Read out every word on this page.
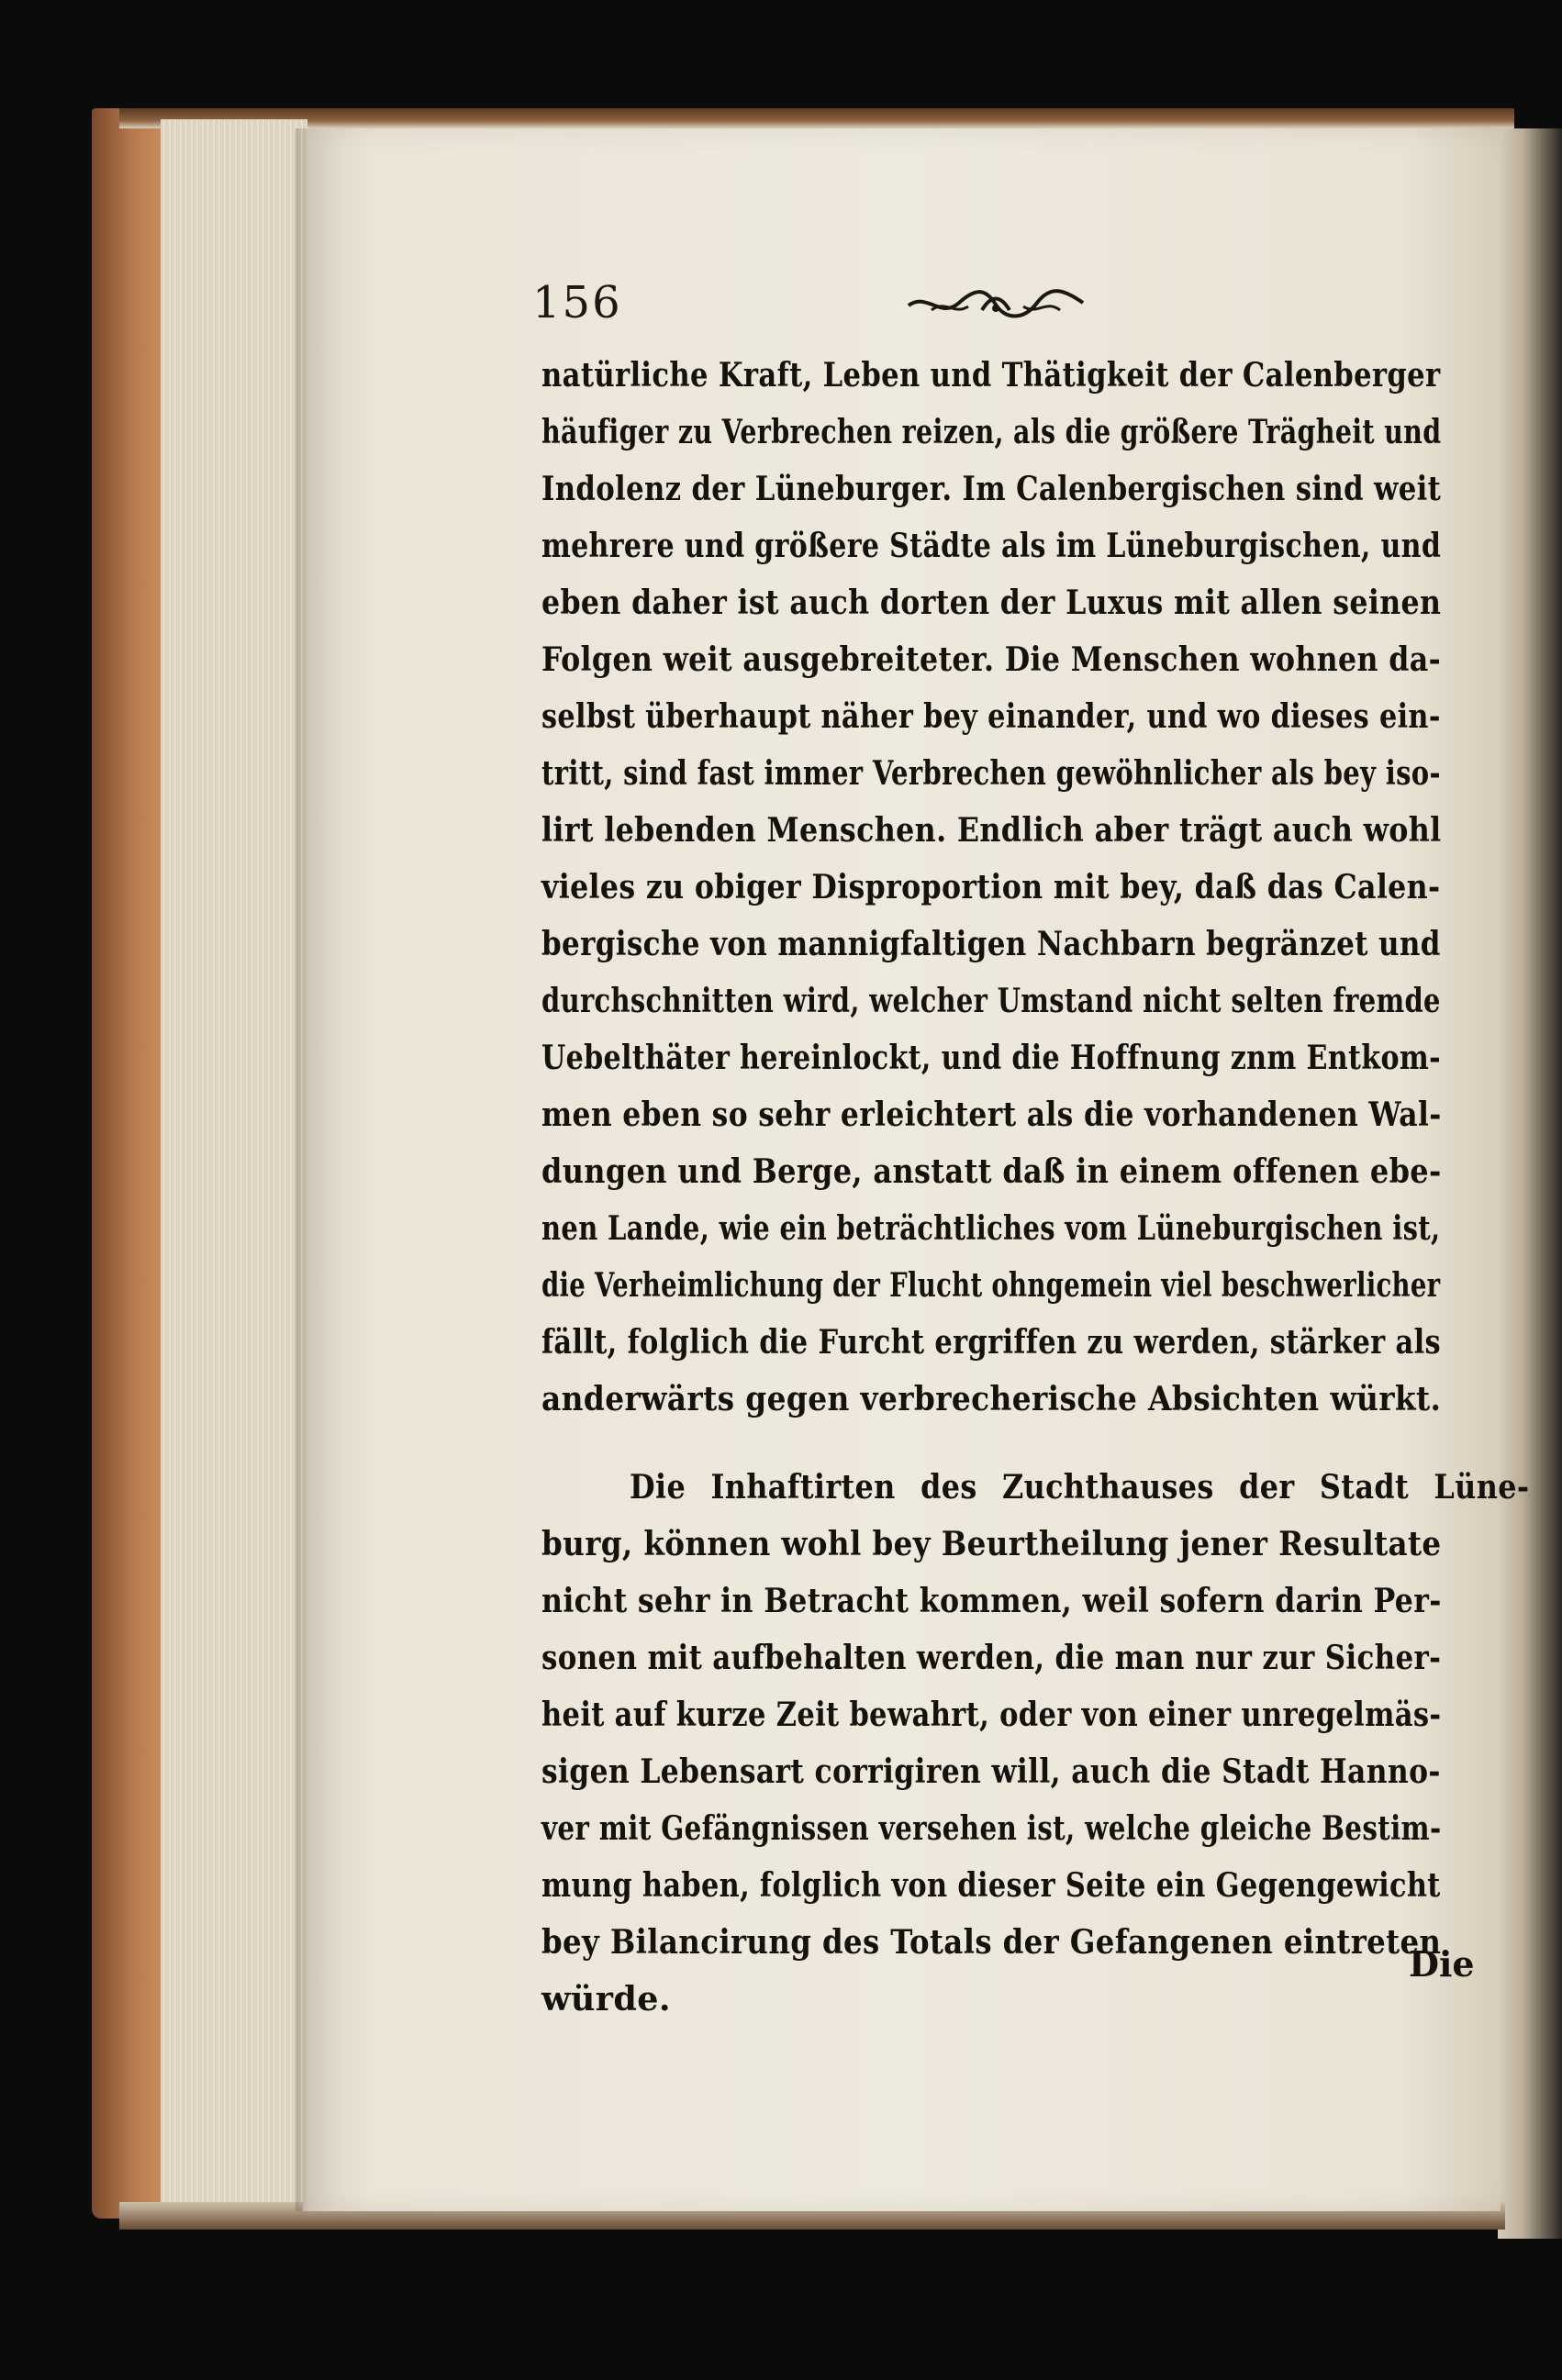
156
natürliche Kraft, Leben und Thätigkeit der Calenberger
häufiger zu Verbrechen reizen, als die größere Trägheit und
Indolenz der Lüneburger. Im Calenbergischen sind weit
mehrere und größere Städte als im Lüneburgischen, und
eben daher ist auch dorten der Luxus mit allen seinen
Folgen weit ausgebreiteter. Die Menschen wohnen da-
selbst überhaupt näher bey einander, und wo dieses ein-
tritt, sind fast immer Verbrechen gewöhnlicher als bey iso-
lirt lebenden Menschen. Endlich aber trägt auch wohl
vieles zu obiger Disproportion mit bey, daß das Calen-
bergische von mannigfaltigen Nachbarn begränzet und
durchschnitten wird, welcher Umstand nicht selten fremde
Uebelthäter hereinlockt, und die Hoffnung znm Entkom-
men eben so sehr erleichtert als die vorhandenen Wal-
dungen und Berge, anstatt daß in einem offenen ebe-
nen Lande, wie ein beträchtliches vom Lüneburgischen ist,
die Verheimlichung der Flucht ohngemein viel beschwerlicher
fällt, folglich die Furcht ergriffen zu werden, stärker als
anderwärts gegen verbrecherische Absichten würkt.
Die Inhaftirten des Zuchthauses der Stadt Lüne-
burg, können wohl bey Beurtheilung jener Resultate
nicht sehr in Betracht kommen, weil sofern darin Per-
sonen mit aufbehalten werden, die man nur zur Sicher-
heit auf kurze Zeit bewahrt, oder von einer unregelmäs-
sigen Lebensart corrigiren will, auch die Stadt Hanno-
ver mit Gefängnissen versehen ist, welche gleiche Bestim-
mung haben, folglich von dieser Seite ein Gegengewicht
bey Bilancirung des Totals der Gefangenen eintreten
würde.
Die
